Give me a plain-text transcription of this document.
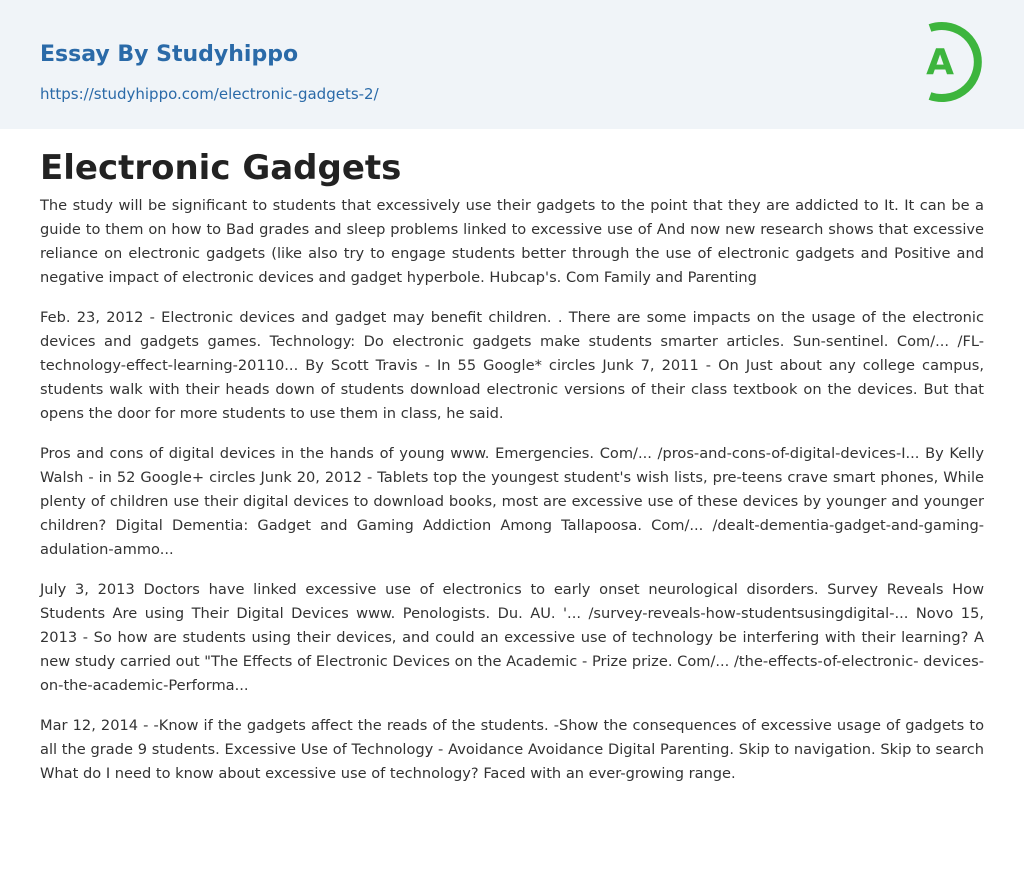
Essay By Studyhippo
https://studyhippo.com/electronic-gadgets-2/
A
Electronic Gadgets

The study will be significant to students that excessively use their gadgets to the point that they are addicted to It. It can be a guide to them on how to Bad grades and sleep problems linked to excessive use of And now new research shows that excessive reliance on electronic gadgets (like also try to engage students better through the use of electronic gadgets and Positive and negative impact of electronic devices and gadget hyperbole. Hubcap's. Com Family and Parenting

Feb. 23, 2012 - Electronic devices and gadget may benefit children. . There are some impacts on the usage of the electronic devices and gadgets games. Technology: Do electronic gadgets make students smarter articles. Sun-sentinel. Com/... /FL-technology-effect-learning-20110... By Scott Travis - In 55 Google* circles Junk 7, 2011 - On Just about any college campus, students walk with their heads down of students download electronic versions of their class textbook on the devices. But that opens the door for more students to use them in class, he said.

Pros and cons of digital devices in the hands of young www. Emergencies. Com/... /pros-and-cons-of-digital-devices-I... By Kelly Walsh - in 52 Google+ circles Junk 20, 2012 - Tablets top the youngest student's wish lists, pre-teens crave smart phones, While plenty of children use their digital devices to download books, most are excessive use of these devices by younger and younger children? Digital Dementia: Gadget and Gaming Addiction Among Tallapoosa. Com/... /dealt-dementia-gadget-and-gaming-adulation-ammo...

July 3, 2013 Doctors have linked excessive use of electronics to early onset neurological disorders. Survey Reveals How Students Are using Their Digital Devices www. Penologists. Du. AU. '... /survey-reveals-how-studentsusingdigital-... Novo 15, 2013 - So how are students using their devices, and could an excessive use of technology be interfering with their learning? A new study carried out "The Effects of Electronic Devices on the Academic - Prize prize. Com/... /the-effects-of-electronic- devices-on-the-academic-Performa...

Mar 12, 2014 - -Know if the gadgets affect the reads of the students. -Show the consequences of excessive usage of gadgets to all the grade 9 students. Excessive Use of Technology - Avoidance Avoidance Digital Parenting. Skip to navigation. Skip to search What do I need to know about excessive use of technology? Faced with an ever-growing range.
